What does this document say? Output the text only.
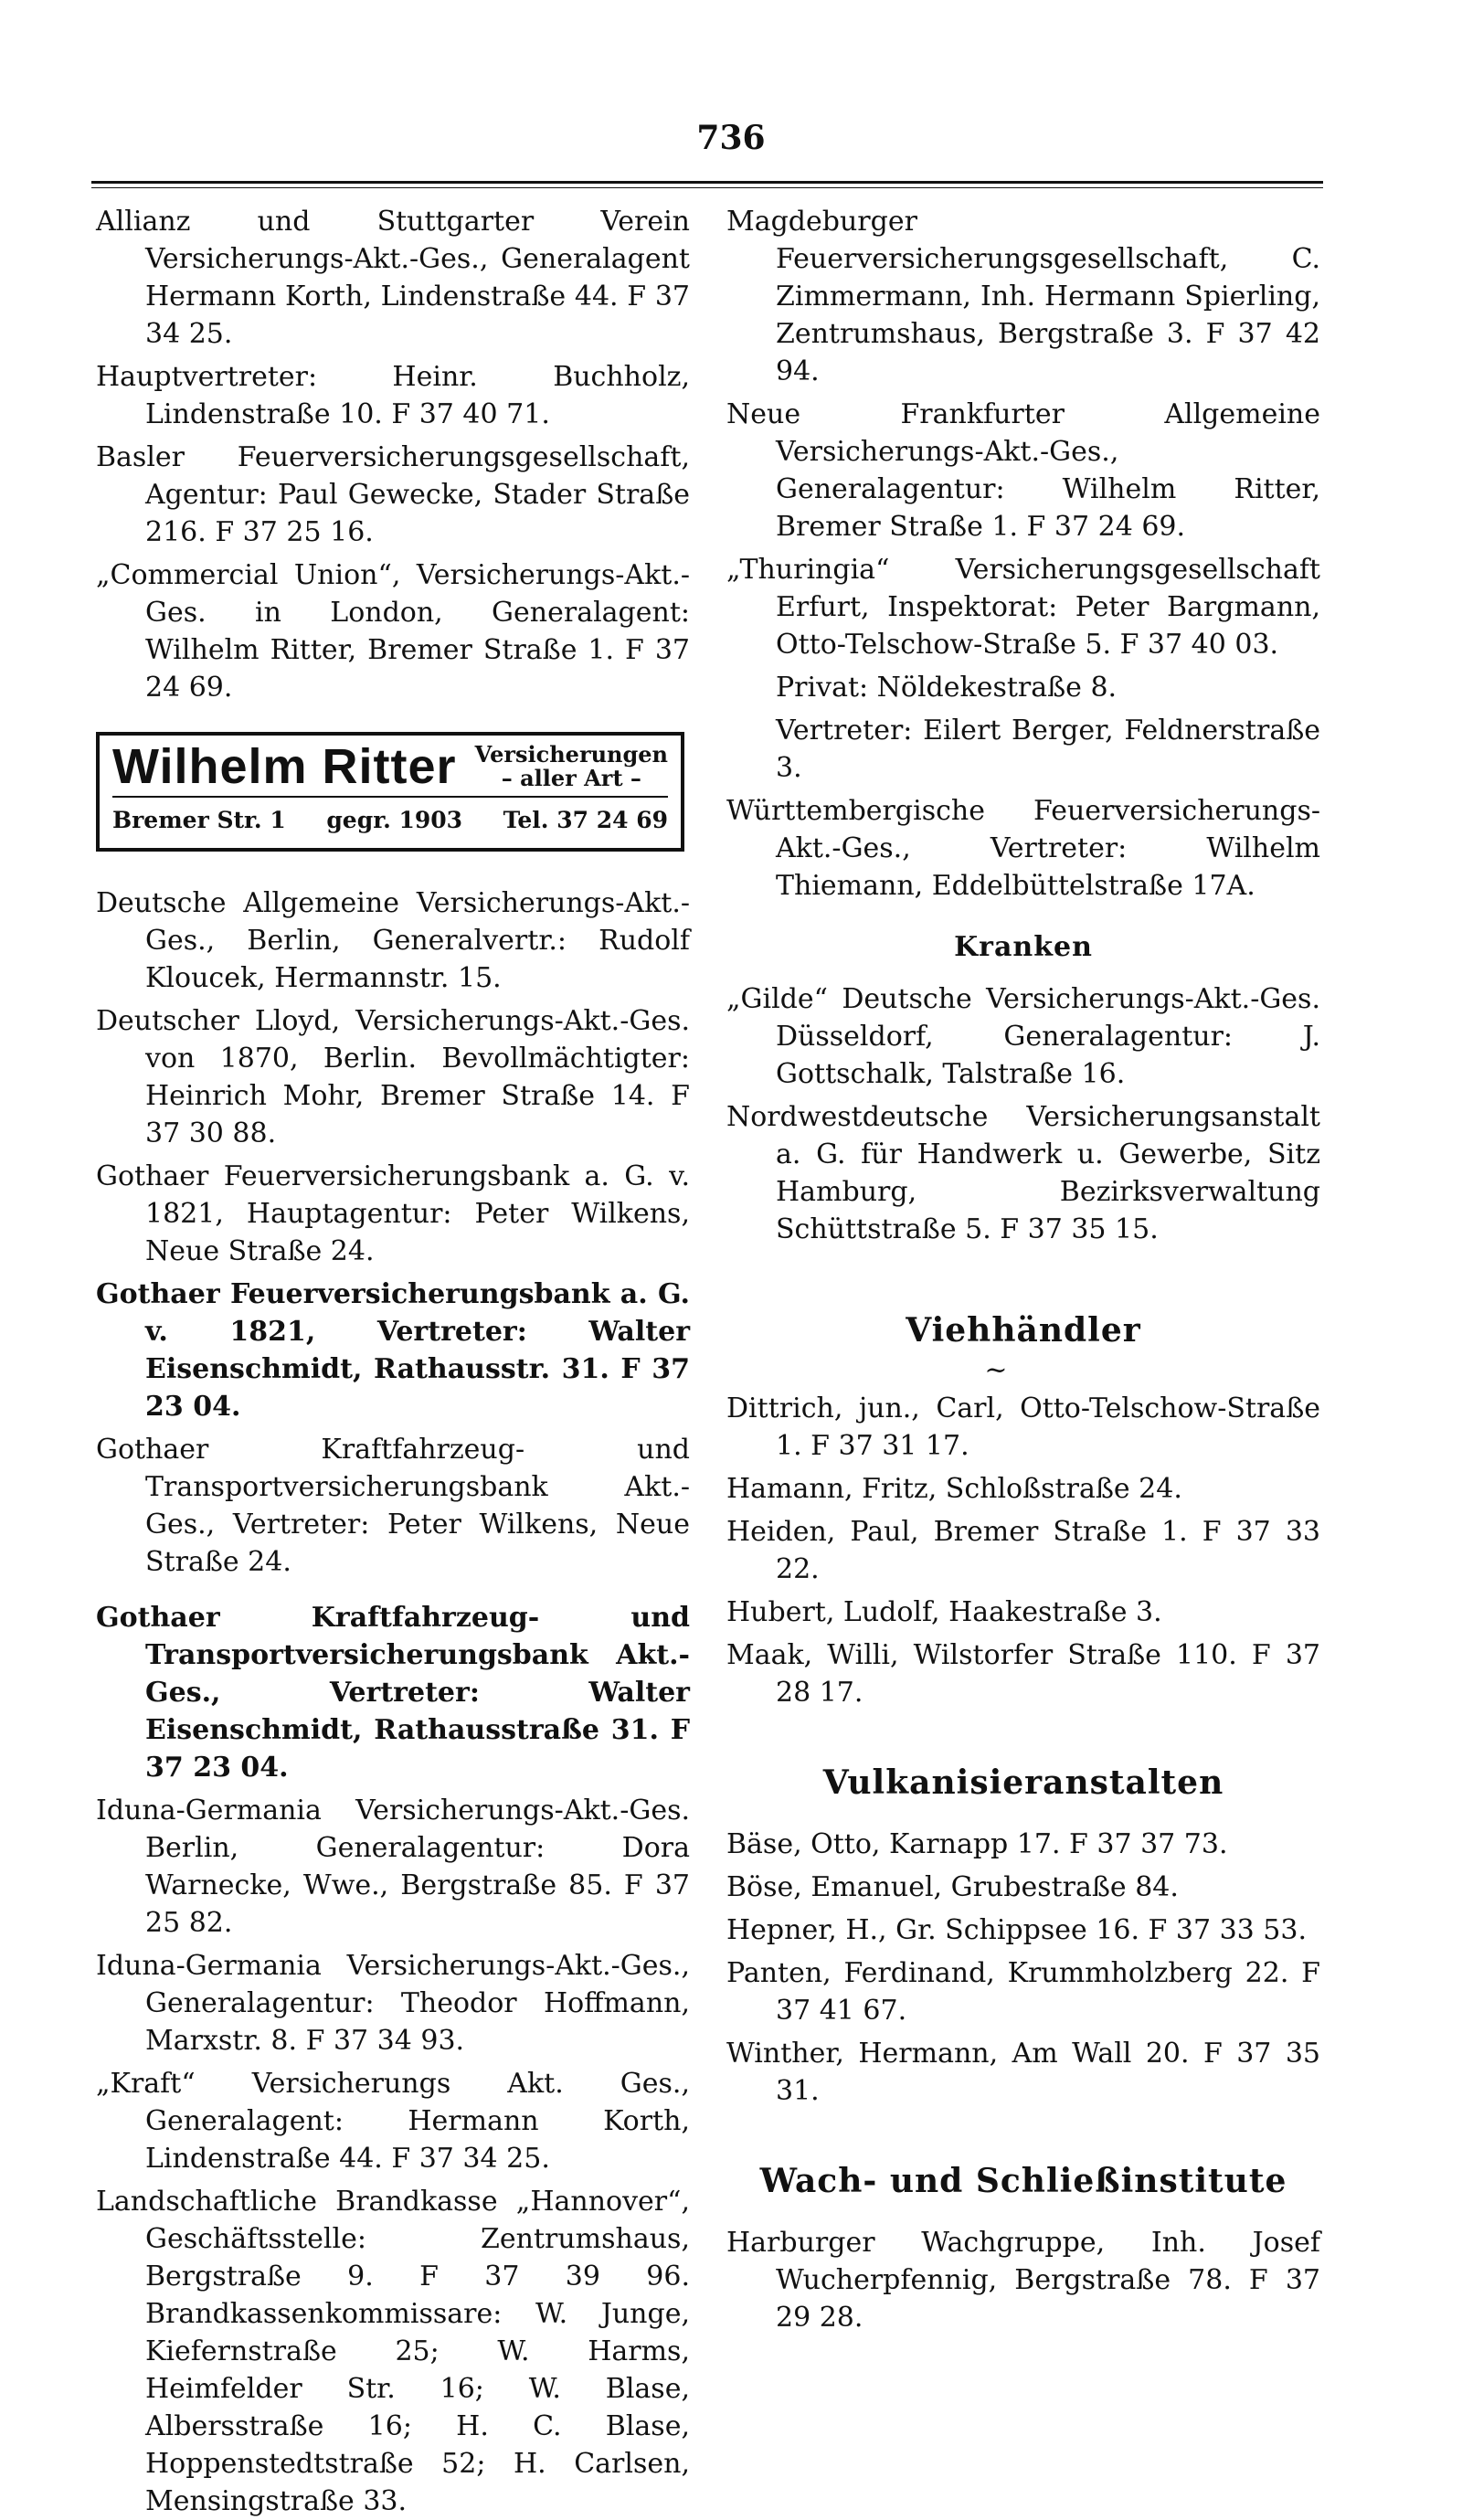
736

Allianz und Stuttgarter Verein Versicherungs-Akt.-Ges., Generalagent Hermann Korth, Lindenstraße 44. F 37 34 25.

Hauptvertreter: Heinr. Buchholz, Lindenstraße 10. F 37 40 71.

Basler Feuerversicherungsgesellschaft, Agentur: Paul Gewecke, Stader Straße 216. F 37 25 16.

„Commercial Union“, Versicherungs-Akt.-Ges. in London, Generalagent: Wilhelm Ritter, Bremer Straße 1. F 37 24 69.

Wilhelm Ritter Versicherungen
– aller Art –
Bremer Str. 1 gegr. 1903 Tel. 37 24 69

Deutsche Allgemeine Versicherungs-Akt.-Ges., Berlin, Generalvertr.: Rudolf Kloucek, Hermannstr. 15.

Deutscher Lloyd, Versicherungs-Akt.-Ges. von 1870, Berlin. Bevollmächtigter: Heinrich Mohr, Bremer Straße 14. F 37 30 88.

Gothaer Feuerversicherungsbank a. G. v. 1821, Hauptagentur: Peter Wilkens, Neue Straße 24.

Gothaer Feuerversicherungsbank a. G. v. 1821, Vertreter: Walter Eisenschmidt, Rathausstr. 31. F 37 23 04.

Gothaer Kraftfahrzeug- und Transportversicherungsbank Akt.-Ges., Vertreter: Peter Wilkens, Neue Straße 24.

Gothaer Kraftfahrzeug- und Transportversicherungsbank Akt.-Ges., Vertreter: Walter Eisenschmidt, Rathausstraße 31. F 37 23 04.

Iduna-Germania Versicherungs-Akt.-Ges. Berlin, Generalagentur: Dora Warnecke, Wwe., Bergstraße 85. F 37 25 82.

Iduna-Germania Versicherungs-Akt.-Ges., Generalagentur: Theodor Hoffmann, Marxstr. 8. F 37 34 93.

„Kraft“ Versicherungs Akt. Ges., Generalagent: Hermann Korth, Lindenstraße 44. F 37 34 25.

Landschaftliche Brandkasse „Hannover“, Geschäftsstelle: Zentrumshaus, Bergstraße 9. F 37 39 96. Brandkassenkommissare: W. Junge, Kiefernstraße 25; W. Harms, Heimfelder Str. 16; W. Blase, Albersstraße 16; H. C. Blase, Hoppenstedtstraße 52; H. Carlsen, Mensingstraße 33.

Magdeburger Feuerversicherungsgesellschaft, C. Zimmermann, Inh. Hermann Spierling, Zentrumshaus, Bergstraße 3. F 37 42 94.

Neue Frankfurter Allgemeine Versicherungs-Akt.-Ges., Generalagentur: Wilhelm Ritter, Bremer Straße 1. F 37 24 69.

„Thuringia“ Versicherungsgesellschaft Erfurt, Inspektorat: Peter Bargmann, Otto-Telschow-Straße 5. F 37 40 03.

Privat: Nöldekestraße 8.

Vertreter: Eilert Berger, Feldnerstraße 3.

Württembergische Feuerversicherungs-Akt.-Ges., Vertreter: Wilhelm Thiemann, Eddelbüttelstraße 17A.

Kranken

„Gilde“ Deutsche Versicherungs-Akt.-Ges. Düsseldorf, Generalagentur: J. Gottschalk, Talstraße 16.

Nordwestdeutsche Versicherungsanstalt a. G. für Handwerk u. Gewerbe, Sitz Hamburg, Bezirksverwaltung Schüttstraße 5. F 37 35 15.

Viehhändler
~

Dittrich, jun., Carl, Otto-Telschow-Straße 1. F 37 31 17.

Hamann, Fritz, Schloßstraße 24.

Heiden, Paul, Bremer Straße 1. F 37 33 22.

Hubert, Ludolf, Haakestraße 3.

Maak, Willi, Wilstorfer Straße 110. F 37 28 17.

Vulkanisieranstalten

Bäse, Otto, Karnapp 17. F 37 37 73.

Böse, Emanuel, Grubestraße 84.

Hepner, H., Gr. Schippsee 16. F 37 33 53.

Panten, Ferdinand, Krummholzberg 22. F 37 41 67.

Winther, Hermann, Am Wall 20. F 37 35 31.

Wach- und Schließinstitute

Harburger Wachgruppe, Inh. Josef Wucherpfennig, Bergstraße 78. F 37 29 28.
